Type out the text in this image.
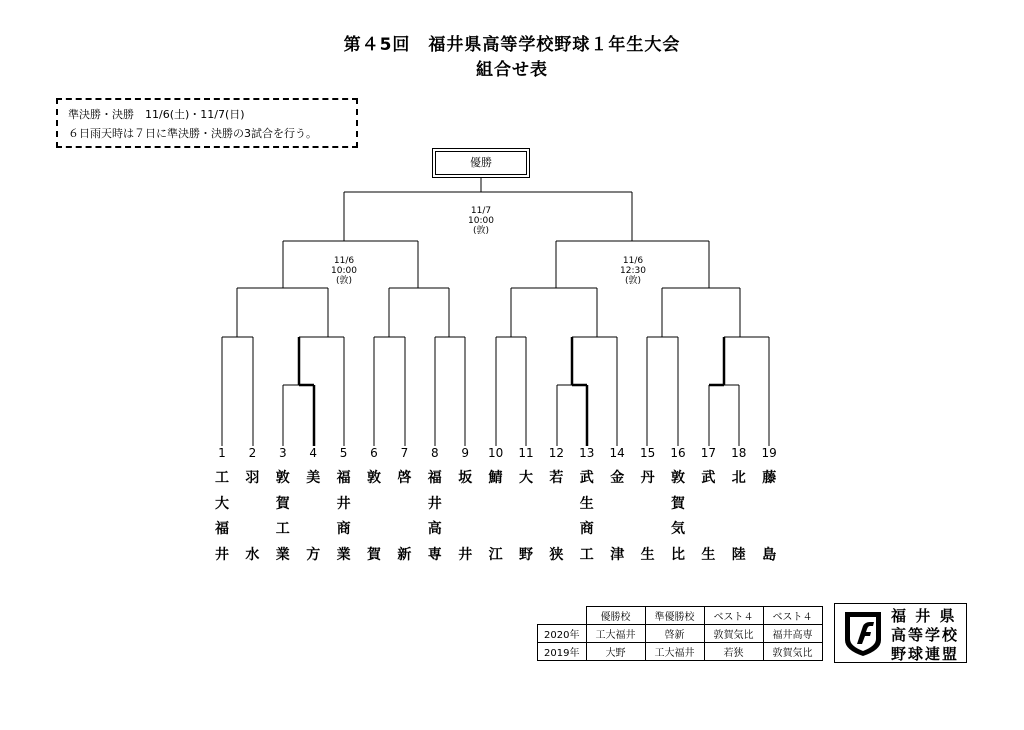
第４5回　福井県高等学校野球１年生大会
組合せ表
準決勝・決勝　11/6(土)・11/7(日)
６日雨天時は７日に準決勝・決勝の3試合を行う。
優勝
11/7
10:00
(敦)
11/6
10:00
(敦)
11/6
12:30
(敦)
1
工
大
福
井
2
羽
水
3
敦
賀
工
業
4
美
方
5
福
井
商
業
6
敦
賀
7
啓
新
8
福
井
高
専
9
坂
井
10
鯖
江
11
大
野
12
若
狭
13
武
生
商
工
14
金
津
15
丹
生
16
敦
賀
気
比
17
武
生
18
北
陸
19
藤
島
	優勝校	準優勝校	ベスト４	ベスト４
2020年	工大福井	啓新	敦賀気比	福井高専
2019年	大野	工大福井	若狭	敦賀気比
福 井 県
高等学校
野球連盟
